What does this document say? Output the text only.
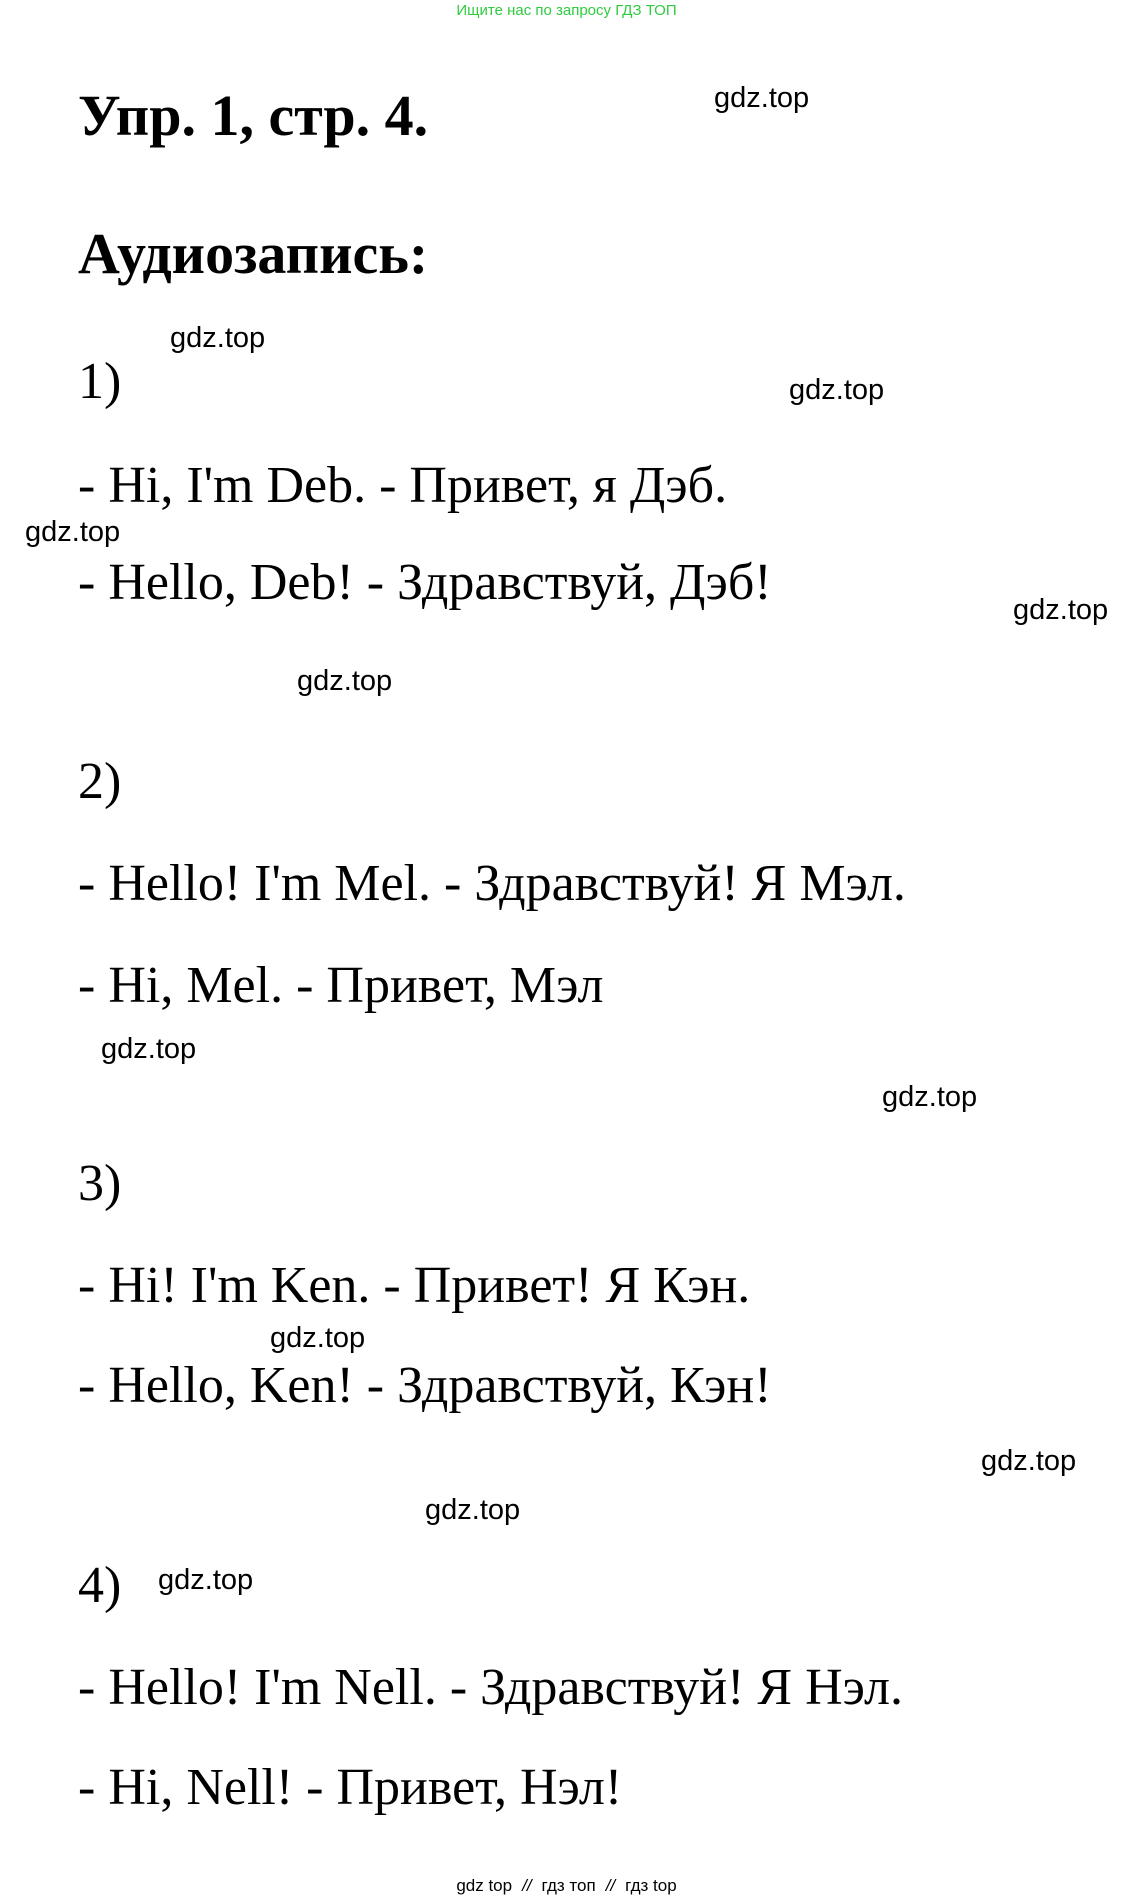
Ищите нас по запросу ГДЗ ТОП
Упр. 1, стр. 4.
Аудиозапись:
1)
- Hi, I'm Deb. - Привет, я Дэб.
- Hello, Deb! - Здравствуй, Дэб!
2)
- Hello! I'm Mel. - Здравствуй! Я Мэл.
- Hi, Mel. - Привет, Мэл
3)
- Hi! I'm Ken. - Привет! Я Кэн.
- Hello, Ken! - Здравствуй, Кэн!
4)
- Hello! I'm Nell. - Здравствуй! Я Нэл.
- Hi, Nell! - Привет, Нэл!
gdz.top
gdz.top
gdz.top
gdz.top
gdz.top
gdz.top
gdz.top
gdz.top
gdz.top
gdz.top
gdz.top
gdz.top
gdz top // гдз топ // гдз top
